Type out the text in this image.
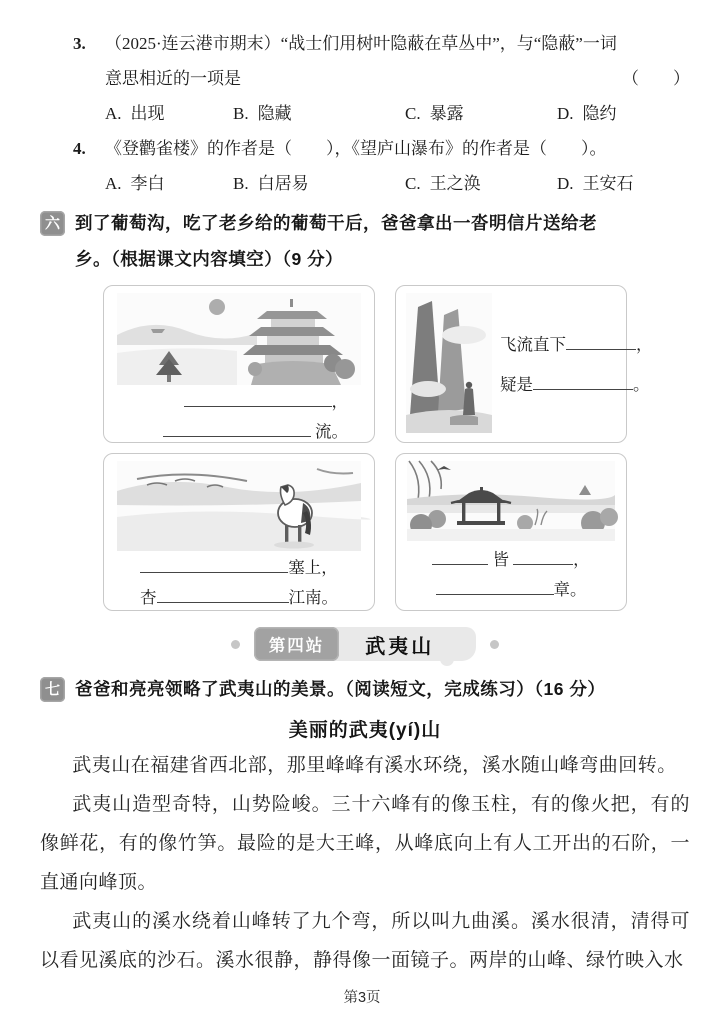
3. （2025·连云港市期末）“战士们用树叶隐蔽在草丛中”，与“隐蔽”一词
意思相近的一项是	（　　）
A. 出现	B. 隐藏	C. 暴露	D. 隐约
4. 《登鹳雀楼》的作者是（　　），《望庐山瀑布》的作者是（　　）。
A. 李白	B. 白居易	C. 王之涣	D. 王安石
六 到了葡萄沟，吃了老乡给的葡萄干后，爸爸拿出一沓明信片送给老
乡。（根据课文内容填空）（9 分）
，
流。
飞流直下	，
疑是	。
塞上，
杏	江南。
皆	，
章。
第四站	武夷山
七 爸爸和亮亮领略了武夷山的美景。（阅读短文，完成练习）（16 分）
美丽的武夷(yí)山

武夷山在福建省西北部，那里峰峰有溪水环绕，溪水随山峰弯曲回转。

武夷山造型奇特，山势险峻。三十六峰有的像玉柱，有的像火把，有的像鲜花，有的像竹笋。最险的是大王峰，从峰底向上有人工开出的石阶，一直通向峰顶。

武夷山的溪水绕着山峰转了九个弯，所以叫九曲溪。溪水很清，清得可以看见溪底的沙石。溪水很静，静得像一面镜子。两岸的山峰、绿竹映入水

第3页
